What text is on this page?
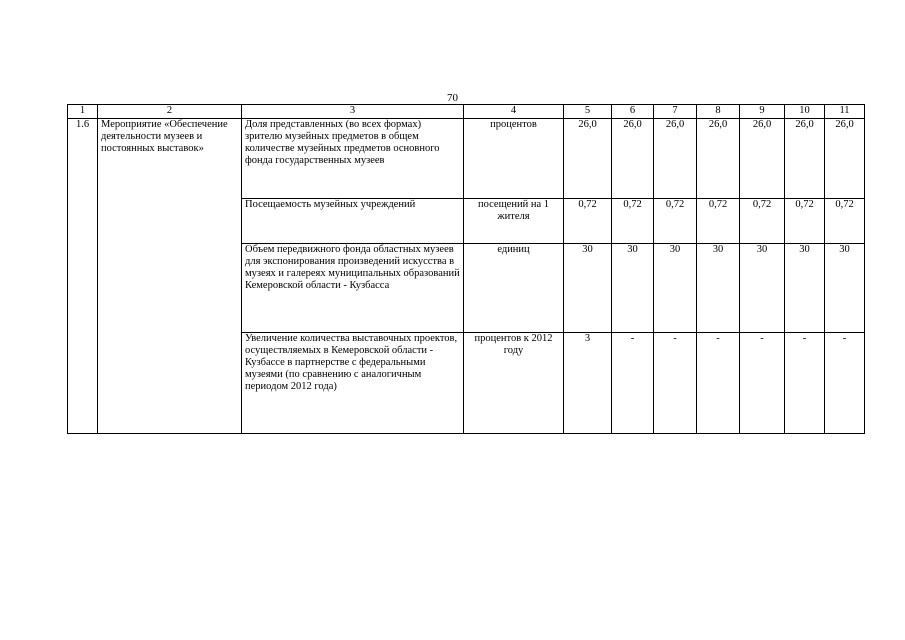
70
1	2	3	4	5	6	7	8	9	10	11
1.6	Мероприятие «Обеспечение деятельности музеев и постоянных выставок»	Доля представленных (во всех формах) зрителю музейных предметов в общем количестве музейных предметов основного фонда государственных музеев	процентов	26,0	26,0	26,0	26,0	26,0	26,0	26,0
		Посещаемость музейных учреждений	посещений на 1 жителя	0,72	0,72	0,72	0,72	0,72	0,72	0,72
		Объем передвижного фонда областных музеев для экспонирования произведений искусства в музеях и галереях муниципальных образований Кемеровской области - Кузбасса	единиц	30	30	30	30	30	30	30
		Увеличение количества выставочных проектов, осуществляемых в Кемеровской области - Кузбассе в партнерстве с федеральными музеями (по сравнению с аналогичным периодом 2012 года)	процентов к 2012 году	3	-	-	-	-	-	-
